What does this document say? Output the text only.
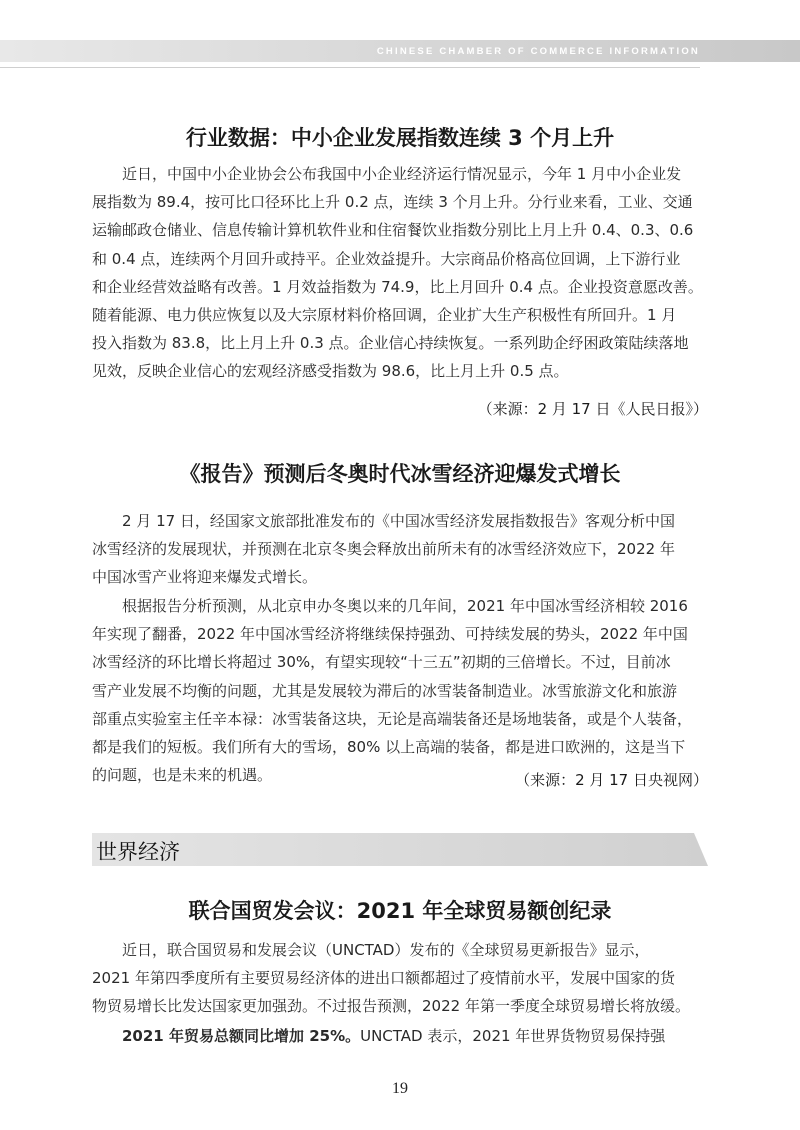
CHINESE CHAMBER OF COMMERCE INFORMATION
行业数据：中小企业发展指数连续 3 个月上升
近日，中国中小企业协会公布我国中小企业经济运行情况显示，今年 1 月中小企业发
展指数为 89.4，按可比口径环比上升 0.2 点，连续 3 个月上升。分行业来看，工业、交通
运输邮政仓储业、信息传输计算机软件业和住宿餐饮业指数分别比上月上升 0.4、0.3、0.6
和 0.4 点，连续两个月回升或持平。企业效益提升。大宗商品价格高位回调，上下游行业
和企业经营效益略有改善。1 月效益指数为 74.9，比上月回升 0.4 点。企业投资意愿改善。
随着能源、电力供应恢复以及大宗原材料价格回调，企业扩大生产积极性有所回升。1 月
投入指数为 83.8，比上月上升 0.3 点。企业信心持续恢复。一系列助企纾困政策陆续落地
见效，反映企业信心的宏观经济感受指数为 98.6，比上月上升 0.5 点。
（来源：2 月 17 日《人民日报》）
《报告》预测后冬奥时代冰雪经济迎爆发式增长
2 月 17 日，经国家文旅部批准发布的《中国冰雪经济发展指数报告》客观分析中国
冰雪经济的发展现状，并预测在北京冬奥会释放出前所未有的冰雪经济效应下，2022 年
中国冰雪产业将迎来爆发式增长。
根据报告分析预测，从北京申办冬奥以来的几年间，2021 年中国冰雪经济相较 2016
年实现了翻番，2022 年中国冰雪经济将继续保持强劲、可持续发展的势头，2022 年中国
冰雪经济的环比增长将超过 30%，有望实现较“十三五”初期的三倍增长。不过，目前冰
雪产业发展不均衡的问题，尤其是发展较为滞后的冰雪装备制造业。冰雪旅游文化和旅游
部重点实验室主任辛本禄：冰雪装备这块，无论是高端装备还是场地装备，或是个人装备，
都是我们的短板。我们所有大的雪场，80% 以上高端的装备，都是进口欧洲的，这是当下
的问题，也是未来的机遇。	（来源：2 月 17 日央视网）
世界经济
联合国贸发会议：2021 年全球贸易额创纪录
近日，联合国贸易和发展会议（UNCTAD）发布的《全球贸易更新报告》显示，
2021 年第四季度所有主要贸易经济体的进出口额都超过了疫情前水平，发展中国家的货
物贸易增长比发达国家更加强劲。不过报告预测，2022 年第一季度全球贸易增长将放缓。
2021 年贸易总额同比增加 25%。UNCTAD 表示，2021 年世界货物贸易保持强
19
